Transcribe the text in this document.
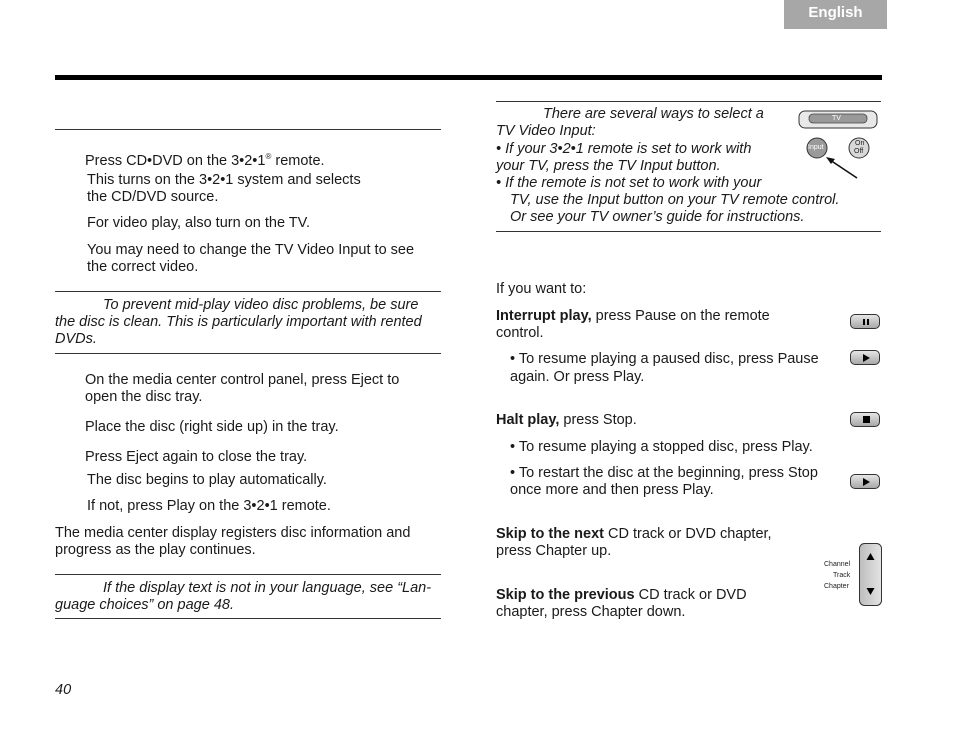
English
Press CD•DVD on the 3•2•1® remote.
This turns on the 3•2•1 system and selects
the CD/DVD source.
For video play, also turn on the TV.
You may need to change the TV Video Input to see
the correct video.
To prevent mid-play video disc problems, be sure
the disc is clean. This is particularly important with rented
DVDs.
On the media center control panel, press Eject to
open the disc tray.
Place the disc (right side up) in the tray.
Press Eject again to close the tray.
The disc begins to play automatically.
If not, press Play on the 3•2•1 remote.
The media center display registers disc information and
progress as the play continues.
If the display text is not in your language, see “Lan-
guage choices” on page 48.
40
There are several ways to select a
TV Video Input:
• If your 3•2•1 remote is set to work with
your TV, press the TV Input button.
• If the remote is not set to work with your
TV, use the Input button on your TV remote control.
Or see your TV owner’s guide for instructions.
TV
Input
On
Off
If you want to:
Interrupt play, press Pause on the remote
control.
• To resume playing a paused disc, press Pause
again. Or press Play.
Halt play, press Stop.
• To resume playing a stopped disc, press Play.
• To restart the disc at the beginning, press Stop
once more and then press Play.
Skip to the next CD track or DVD chapter,
press Chapter up.
Skip to the previous CD track or DVD
chapter, press Chapter down.
Channel
Track
Chapter
